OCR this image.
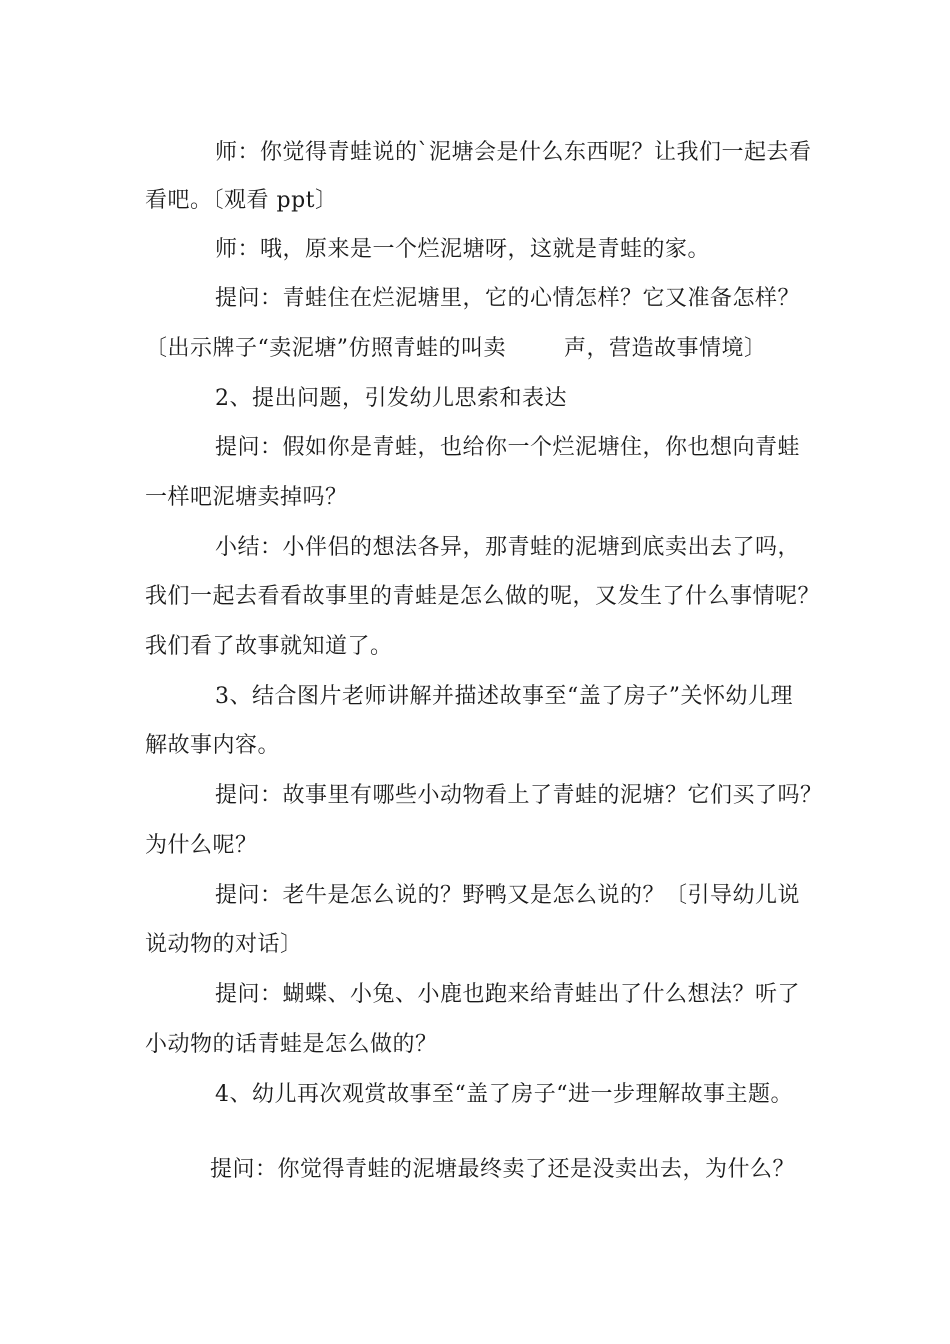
师：你觉得青蛙说的`泥塘会是什么东西呢？让我们一起去看
看吧。〔观看 ppt〕
师：哦，原来是一个烂泥塘呀，这就是青蛙的家。
提问：青蛙住在烂泥塘里，它的心情怎样？它又准备怎样？
〔出示牌子“卖泥塘”仿照青蛙的叫卖	声，营造故事情境〕
2、提出问题，引发幼儿思索和表达
提问：假如你是青蛙，也给你一个烂泥塘住，你也想向青蛙
一样吧泥塘卖掉吗？
小结：小伴侣的想法各异，那青蛙的泥塘到底卖出去了吗，
我们一起去看看故事里的青蛙是怎么做的呢，又发生了什么事情呢？
我们看了故事就知道了。
3、结合图片老师讲解并描述故事至“盖了房子”关怀幼儿理
解故事内容。
提问：故事里有哪些小动物看上了青蛙的泥塘？它们买了吗？
为什么呢？
提问：老牛是怎么说的？野鸭又是怎么说的？〔引导幼儿说
说动物的对话〕
提问：蝴蝶、小兔、小鹿也跑来给青蛙出了什么想法？听了
小动物的话青蛙是怎么做的？
4、幼儿再次观赏故事至“盖了房子“进一步理解故事主题。
提问：你觉得青蛙的泥塘最终卖了还是没卖出去，为什么？
